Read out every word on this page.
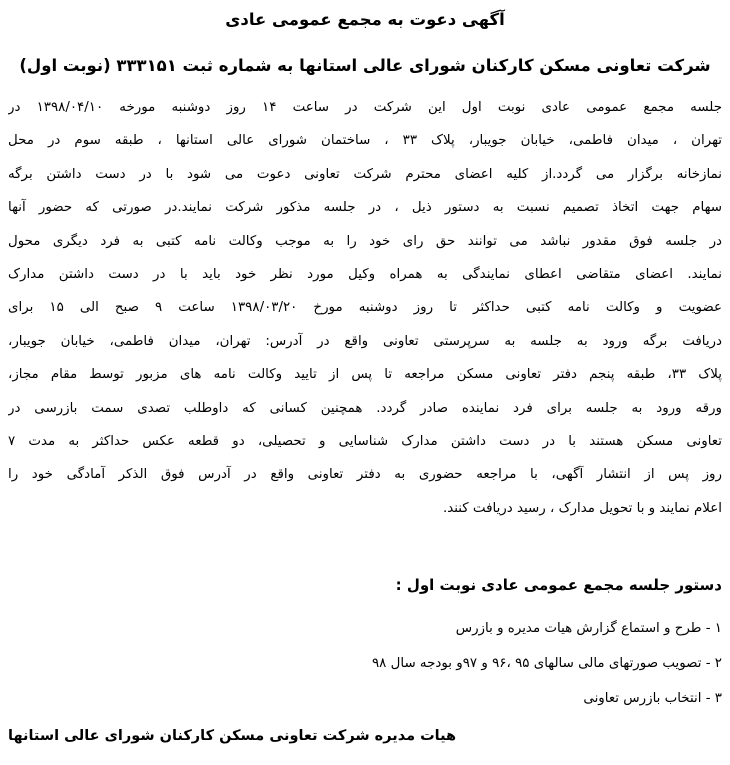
آگهی دعوت به مجمع عمومی عادی
شرکت تعاونی مسکن کارکنان شورای عالی استانها به شماره ثبت ۳۳۳۱۵۱ (نوبت اول)
جلسه مجمع عمومی عادی نوبت اول این شرکت در ساعت ۱۴ روز دوشنبه مورخه ۱۳۹۸/۰۴/۱۰ در
تهران ، میدان فاطمی، خیابان جویبار، پلاک ۳۳ ، ساختمان شورای عالی استانها ، طبقه سوم در محل
نمازخانه برگزار می گردد.از کلیه اعضای محترم شرکت تعاونی دعوت می شود با در دست داشتن برگه
سهام جهت اتخاذ تصمیم نسبت به دستور ذیل ، در جلسه مذکور شرکت نمایند.در صورتی که حضور آنها
در جلسه فوق مقدور نباشد می توانند حق رای خود را به موجب وکالت نامه کتبی به فرد دیگری محول
نمایند. اعضای متقاضی اعطای نمایندگی به همراه وکیل مورد نظر خود باید با در دست داشتن مدارک
عضویت و وکالت نامه کتبی حداکثر تا روز دوشنبه مورخ ۱۳۹۸/۰۳/۲۰ ساعت ۹ صبح الی ۱۵ برای
دریافت برگه ورود به جلسه به سرپرستی تعاونی واقع در آدرس: تهران، میدان فاطمی، خیابان جویبار،
پلاک ۳۳، طبقه پنجم دفتر تعاونی مسکن مراجعه تا پس از تایید وکالت نامه های مزبور توسط مقام مجاز،
ورقه ورود به جلسه برای فرد نماینده صادر گردد. همچنین کسانی که داوطلب تصدی سمت بازرسی در
تعاونی مسکن هستند با در دست داشتن مدارک شناسایی و تحصیلی، دو قطعه عکس حداکثر به مدت ۷
روز پس از انتشار آگهی، با مراجعه حضوری به دفتر تعاونی واقع در آدرس فوق الذکر آمادگی خود را
اعلام نمایند و با تحویل مدارک ، رسید دریافت کنند.
دستور جلسه مجمع عمومی عادی نوبت اول :
۱ - طرح و استماع گزارش هیات مدیره و بازرس
۲ - تصویب صورتهای مالی سالهای ۹۵ ،۹۶ و ۹۷و بودجه سال ۹۸
۳ - انتخاب بازرس تعاونی
هیات مدیره شرکت تعاونی مسکن کارکنان شورای عالی استانها
